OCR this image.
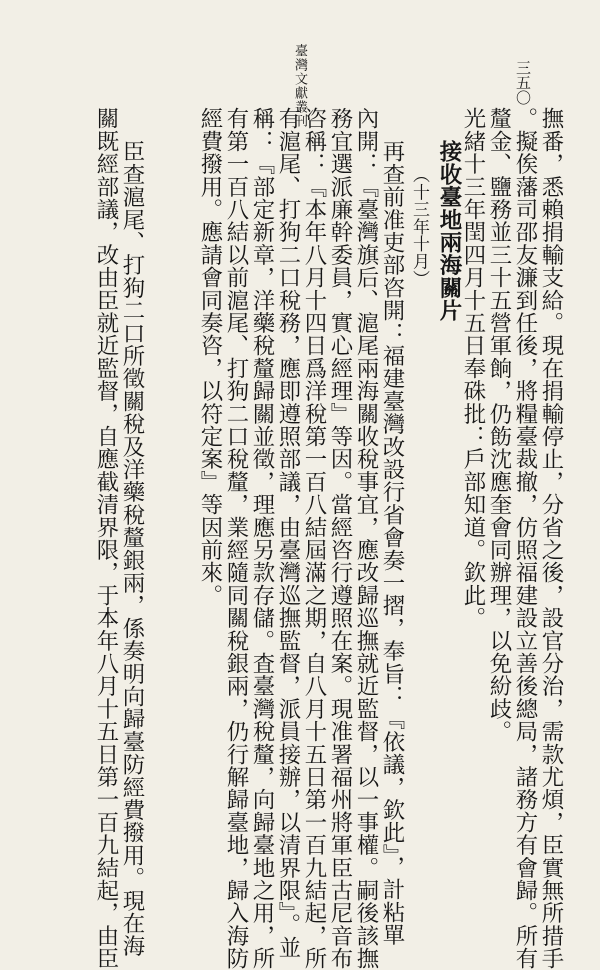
臺灣文獻叢刊	三五〇
撫番，悉賴捐輸支給。現在捐輸停止，分省之後，設官分治，需款尤煩，臣實無所措手
。擬俟藩司邵友濂到任後，將糧臺裁撤，仿照福建設立善後總局，諸務方有會歸。所有
釐金、鹽務並三十五營軍餉，仍飭沈應奎會同辦理，以免紛歧。
光緒十三年閏四月十五日奉硃批：戶部知道。欽此。
接收臺地兩海關片
（十三年十月）
再查前准吏部咨開：福建臺灣改設行省會奏一摺，奉旨：『依議，欽此』，計粘單
內開：『臺灣旗后、滬尾兩海關收稅事宜，應改歸巡撫就近監督，以一事權。嗣後該撫
務宜選派廉幹委員，實心經理』等因。當經咨行遵照在案。現准署福州將軍臣古尼音布
咨稱：『本年八月十四日爲洋稅第一百八結屆滿之期，自八月十五日第一百九結起，所
有滬尾、打狗二口稅務，應即遵照部議，由臺灣巡撫監督，派員接辦，以清界限』。並
稱：『部定新章，洋藥稅釐歸關並徵，理應另款存儲。査臺灣稅釐，向歸臺地之用，所
有第一百八結以前滬尾、打狗二口稅釐，業經隨同關稅銀兩，仍行解歸臺地，歸入海防
經費撥用。應請會同奏咨，以符定案』等因前來。
臣查滬尾、打狗二口所徵關稅及洋藥稅釐銀兩，係奏明向歸臺防經費撥用。現在海
關既經部議，改由臣就近監督，自應截清界限，于本年八月十五日第一百九結起，由臣
